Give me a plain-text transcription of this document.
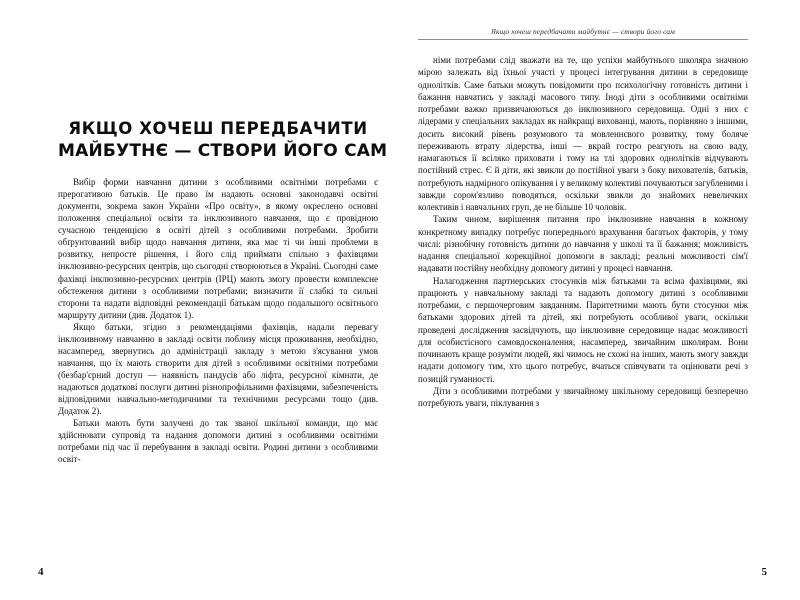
ЯКЩО ХОЧЕШ ПЕРЕДБАЧИТИ
МАЙБУТНЄ — СТВОРИ ЙОГО САМ

Вибір форми навчання дитини з особливими освітніми потребами є прерогативою батьків. Це право їм надають основні законодавчі освітні документи, зокрема закон України «Про освіту», в якому окреслено основні положення спеціальної освіти та інклюзивного навчання, що є провідною сучасною тенденцією в освіті дітей з особливими потребами. Зробити обґрунтований вибір щодо навчання дитини, яка має ті чи інші проблеми в розвитку, непросте рішення, і його слід приймати спільно з фахівцями інклюзивно-ресурсних центрів, що сьогодні створюються в Україні. Сьогодні саме фахівці інклюзивно-ресурсних центрів (ІРЦ) мають змогу провести комплексне обстеження дитини з особливими потребами; визначити її слабкі та сильні сторони та надати відповідні рекомендації батькам щодо подальшого освітнього маршруту дитини (див. Додаток 1).

Якщо батьки, згідно з рекомендаціями фахівців, надали перевагу інклюзивному навчанню в закладі освіти поблизу місця проживання, необхідно, насамперед, звернутись до адміністрації закладу з метою з'ясування умов навчання, що їх мають створити для дітей з особливими освітніми потребами (безбар'єрний доступ — наявність пандусів або ліфта, ресурсної кімнати, де надаються додаткові послуги дитині різнопрофільними фахівцями, забезпеченість відповідними навчально-методичними та технічними ресурсами тощо (див. Додаток 2).

Батьки мають бути залучені до так званої шкільної команди, що має здійснювати супровід та надання допомоги дитині з особливими освітніми потребами під час її перебування в закладі освіти. Родині дитини з особливими освіт-

4
Якщо хочеш передбачати майбутнє — створи його сам

німи потребами слід зважати на те, що успіхи майбутнього школяра значною мірою залежать від їхньої участі у процесі інтегрування дитини в середовище однолітків. Саме батьки можуть повідомити про психологічну готовність дитини і бажання навчатись у закладі масового типу. Іноді діти з особливими освітніми потребами важко призвичаюються до інклюзивного середовища. Одні з них є лідерами у спеціальних закладах як найкращі вихованці, мають, порівняно з іншими, досить високий рівень розумового та мовленнєвого розвитку, тому боляче переживають втрату лідерства, інші — вкрай гостро реагують на свою ваду, намагаються її всіляко приховати і тому на тлі здорових однолітків відчувають постійний стрес. Є й діти, які звикли до постійної уваги з боку вихователів, батьків, потребують надмірного опікування і у великому колективі почуваються загубленими і завжди сором'язливо поводяться, оскільки звикли до знайомих невеличких колективів і навчальних груп, де не більше 10 чоловік.

Таким чином, вирішення питання про інклюзивне навчання в кожному конкретному випадку потребує попереднього врахування багатьох факторів, у тому числі: різнобічну готовність дитини до навчання у школі та її бажання; можливість надання спеціальної корекційної допомоги в закладі; реальні можливості сім'ї надавати постійну необхідну допомогу дитині у процесі навчання.

Налагодження партнерських стосунків між батьками та всіма фахівцями, які працюють у навчальному закладі та надають допомогу дитині з особливими потребами, є першочерговим завданням. Паритетними мають бути стосунки між батьками здорових дітей та дітей, які потребують особливої уваги, оскільки проведені дослідження засвідчують, що інклюзивне середовище надає можливості для особистісного самовдосконалення, насамперед, звичайним школярам. Вони починають краще розуміти людей, які чимось не схожі на інших, мають змогу завжди надати допомогу тим, хто цього потребує, вчаться співчувати та оцінювати речі з позицій гуманності.

Діти з особливими потребами у звичайному шкільному середовищі безперечно потребують уваги, піклування з

5
